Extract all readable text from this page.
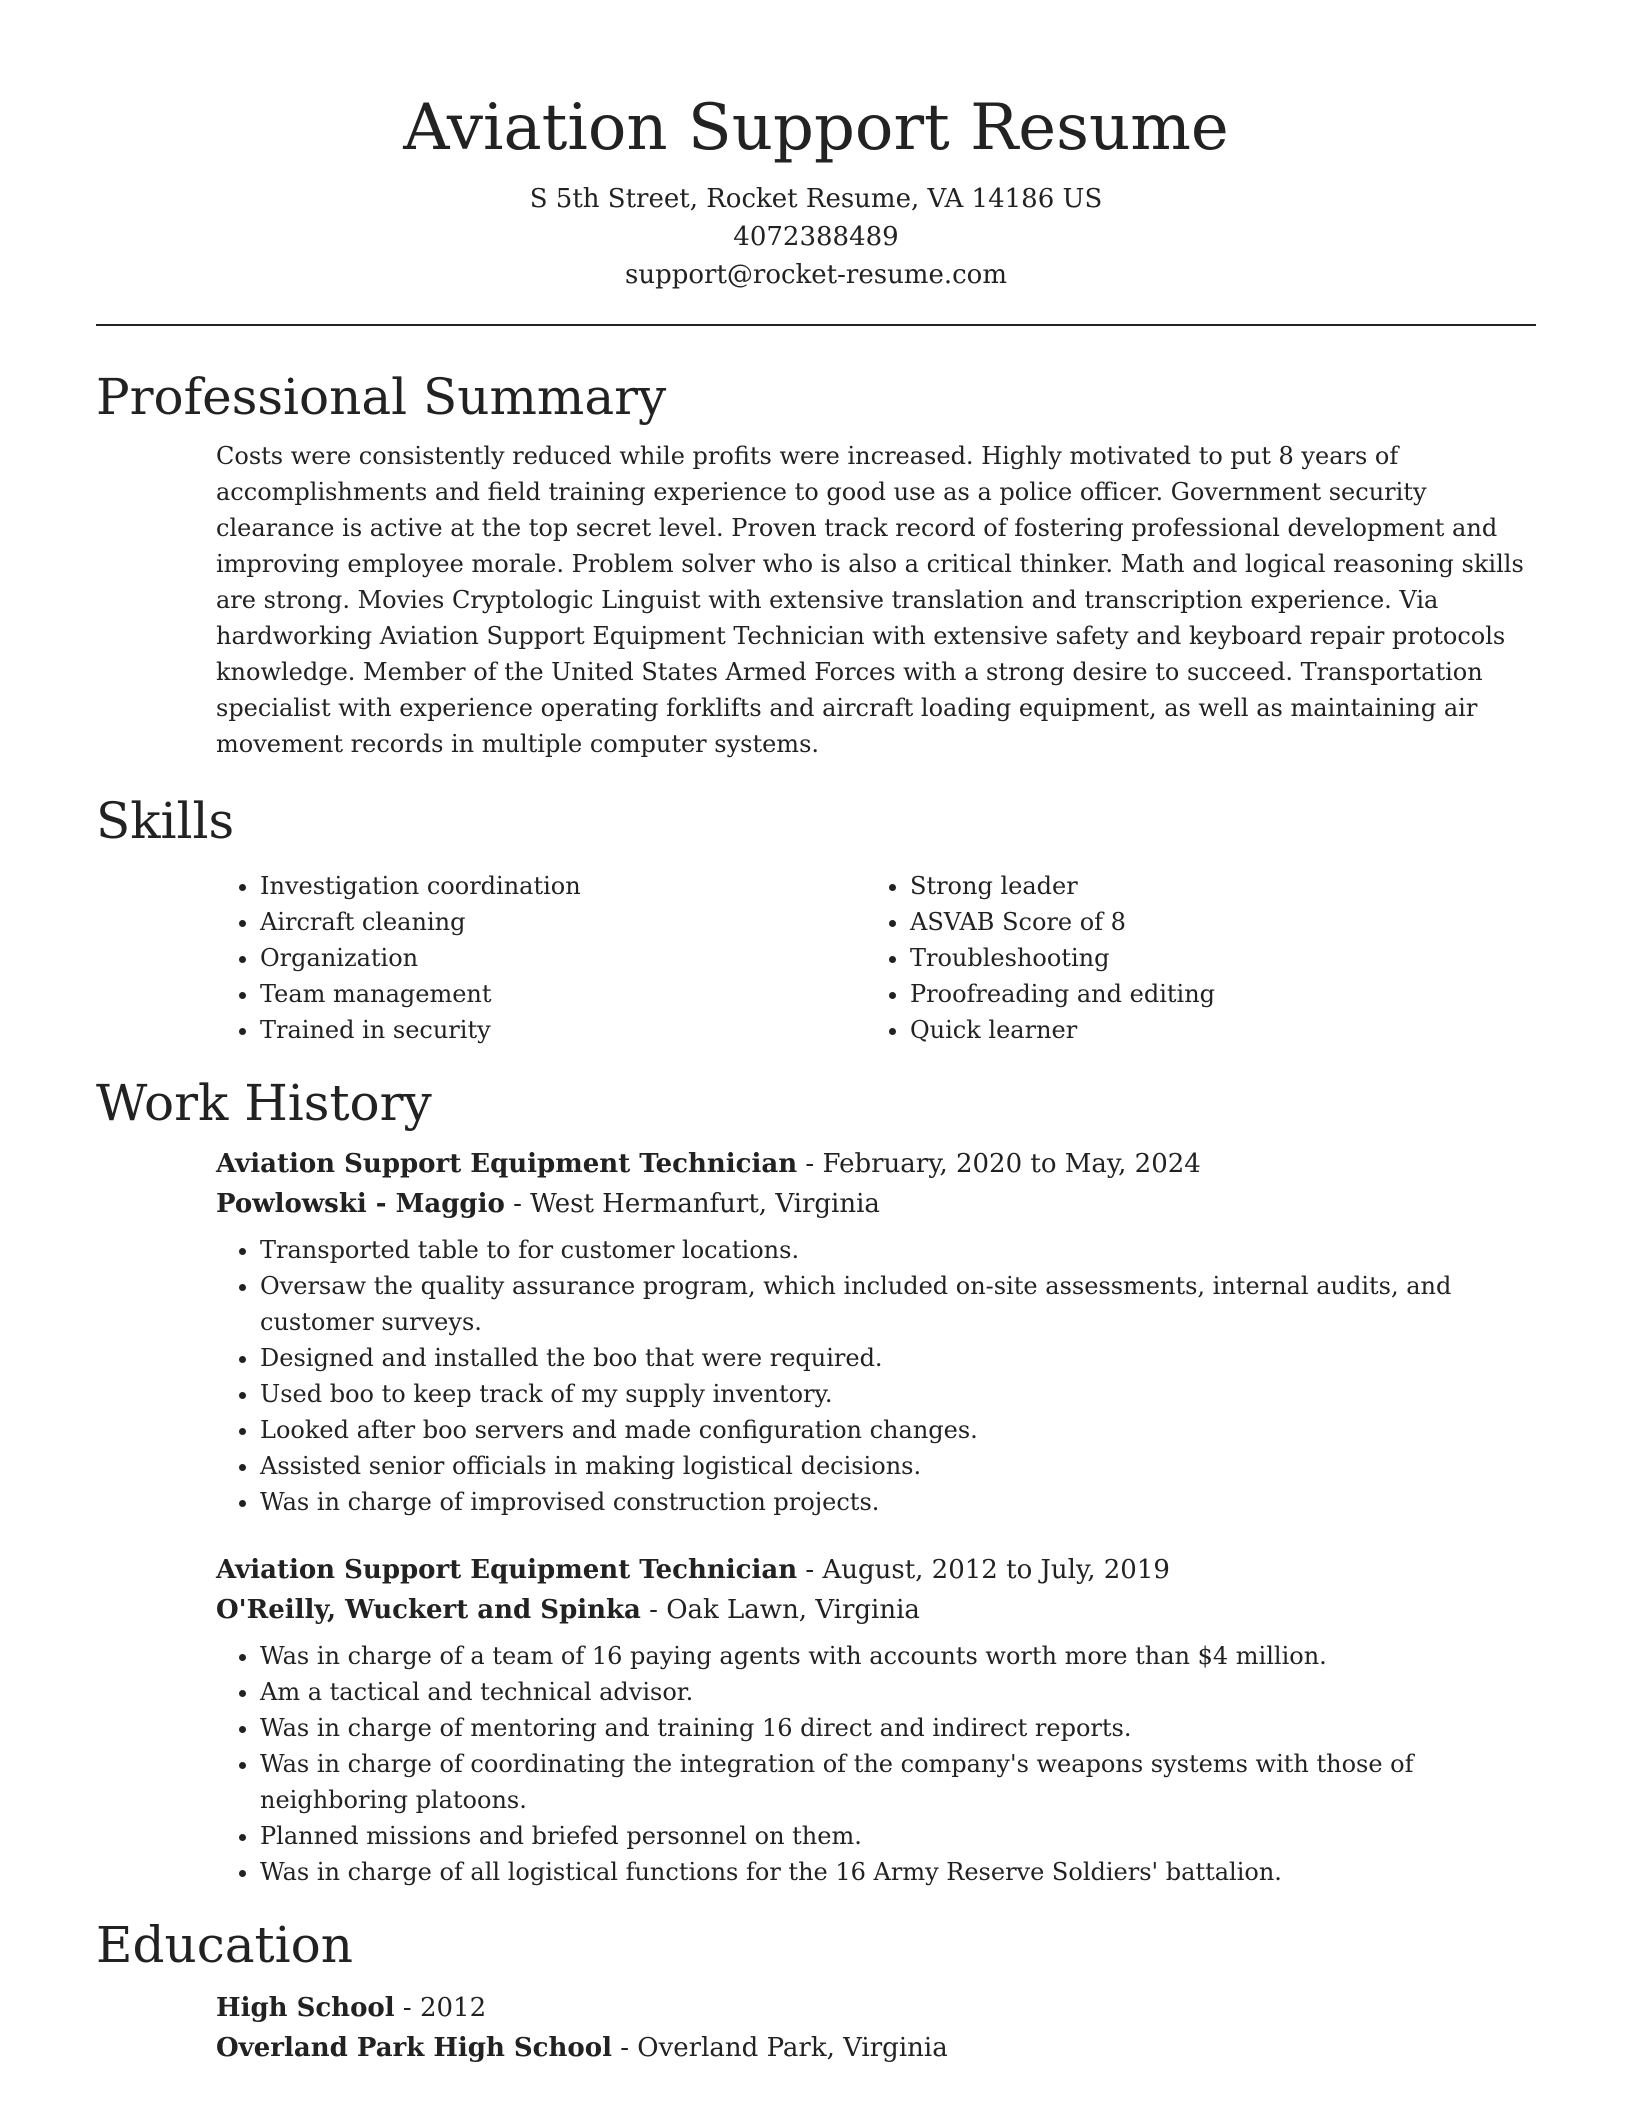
Aviation Support Resume
S 5th Street, Rocket Resume, VA 14186 US
4072388489
support@rocket-resume.com
Professional Summary

Costs were consistently reduced while profits were increased. Highly motivated to put 8 years of accomplishments and field training experience to good use as a police officer. Government security clearance is active at the top secret level. Proven track record of fostering professional development and improving employee morale. Problem solver who is also a critical thinker. Math and logical reasoning skills are strong. Movies Cryptologic Linguist with extensive translation and transcription experience. Via hardworking Aviation Support Equipment Technician with extensive safety and keyboard repair protocols knowledge. Member of the United States Armed Forces with a strong desire to succeed. Transportation specialist with experience operating forklifts and aircraft loading equipment, as well as maintaining air movement records in multiple computer systems.

Skills
• Investigation coordination
• Aircraft cleaning
• Organization
• Team management
• Trained in security
• Strong leader
• ASVAB Score of 8
• Troubleshooting
• Proofreading and editing
• Quick learner
Work History
Aviation Support Equipment Technician - February, 2020 to May, 2024
Powlowski - Maggio - West Hermanfurt, Virginia
• Transported table to for customer locations.
• Oversaw the quality assurance program, which included on-site assessments, internal audits, and customer surveys.
• Designed and installed the boo that were required.
• Used boo to keep track of my supply inventory.
• Looked after boo servers and made configuration changes.
• Assisted senior officials in making logistical decisions.
• Was in charge of improvised construction projects.
Aviation Support Equipment Technician - August, 2012 to July, 2019
O'Reilly, Wuckert and Spinka - Oak Lawn, Virginia
• Was in charge of a team of 16 paying agents with accounts worth more than $4 million.
• Am a tactical and technical advisor.
• Was in charge of mentoring and training 16 direct and indirect reports.
• Was in charge of coordinating the integration of the company's weapons systems with those of neighboring platoons.
• Planned missions and briefed personnel on them.
• Was in charge of all logistical functions for the 16 Army Reserve Soldiers' battalion.
Education
High School - 2012
Overland Park High School - Overland Park, Virginia
